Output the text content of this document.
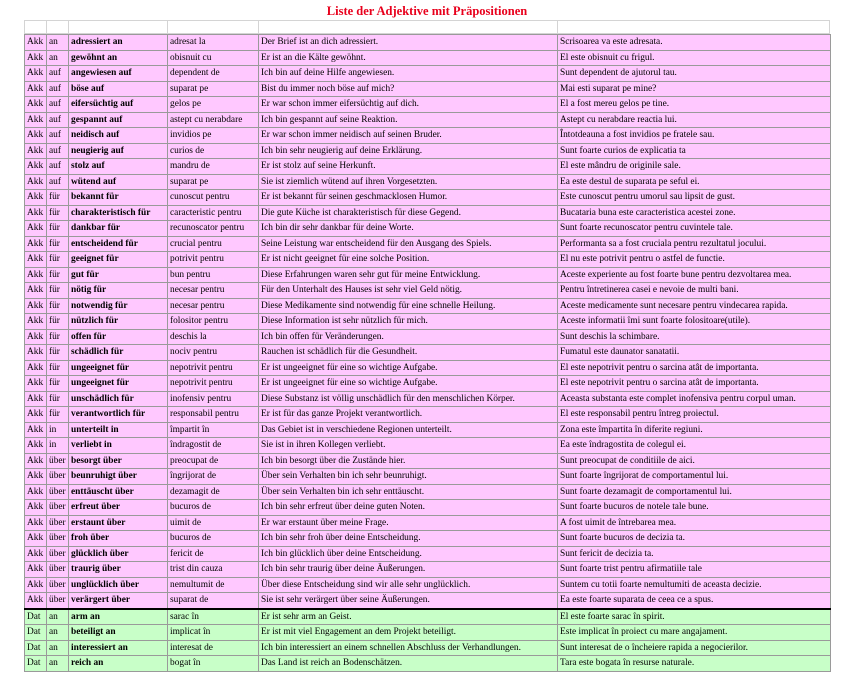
Liste der Adjektive mit Präpositionen
Akk	an	adressiert an	adresat la	Der Brief ist an dich adressiert.	Scrisoarea va este adresata.
Akk	an	gewöhnt an	obisnuit cu	Er ist an die Kälte gewöhnt.	El este obisnuit cu frigul.
Akk	auf	angewiesen auf	dependent de	Ich bin auf deine Hilfe angewiesen.	Sunt dependent de ajutorul tau.
Akk	auf	böse auf	suparat pe	Bist du immer noch böse auf mich?	Mai esti suparat pe mine?
Akk	auf	eifersüchtig auf	gelos pe	Er war schon immer eifersüchtig auf dich.	El a fost mereu gelos pe tine.
Akk	auf	gespannt auf	astept cu nerabdare	Ich bin gespannt auf seine Reaktion.	Astept cu nerabdare reactia lui.
Akk	auf	neidisch auf	invidios pe	Er war schon immer neidisch auf seinen Bruder.	Întotdeauna a fost invidios pe fratele sau.
Akk	auf	neugierig auf	curios de	Ich bin sehr neugierig auf deine Erklärung.	Sunt foarte curios de explicatia ta
Akk	auf	stolz auf	mandru de	Er ist stolz auf seine Herkunft.	El este mândru de originile sale.
Akk	auf	wütend auf	suparat pe	Sie ist ziemlich wütend auf ihren Vorgesetzten.	Ea este destul de suparata pe seful ei.
Akk	für	bekannt für	cunoscut pentru	Er ist bekannt für seinen geschmacklosen Humor.	Este cunoscut pentru umorul sau lipsit de gust.
Akk	für	charakteristisch für	caracteristic pentru	Die gute Küche ist charakteristisch für diese Gegend.	Bucataria buna este caracteristica acestei zone.
Akk	für	dankbar für	recunoscator pentru	Ich bin dir sehr dankbar für deine Worte.	Sunt foarte recunoscator pentru cuvintele tale.
Akk	für	entscheidend für	crucial pentru	Seine Leistung war entscheidend für den Ausgang des Spiels.	Performanta sa a fost cruciala pentru rezultatul jocului.
Akk	für	geeignet für	potrivit pentru	Er ist nicht geeignet für eine solche Position.	El nu este potrivit pentru o astfel de functie.
Akk	für	gut für	bun pentru	Diese Erfahrungen waren sehr gut für meine Entwicklung.	Aceste experiente au fost foarte bune pentru dezvoltarea mea.
Akk	für	nötig für	necesar pentru	Für den Unterhalt des Hauses ist sehr viel Geld nötig.	Pentru întretinerea casei e nevoie de multi bani.
Akk	für	notwendig für	necesar pentru	Diese Medikamente sind notwendig für eine schnelle Heilung.	Aceste medicamente sunt necesare pentru vindecarea rapida.
Akk	für	nützlich für	folositor pentru	Diese Information ist sehr nützlich für mich.	Aceste informatii îmi sunt foarte folositoare(utile).
Akk	für	offen für	deschis la	Ich bin offen für Veränderungen.	Sunt deschis la schimbare.
Akk	für	schädlich für	nociv pentru	Rauchen ist schädlich für die Gesundheit.	Fumatul este daunator sanatatii.
Akk	für	ungeeignet für	nepotrivit pentru	Er ist ungeeignet für eine so wichtige Aufgabe.	El este nepotrivit pentru o sarcina atât de importanta.
Akk	für	ungeeignet für	nepotrivit pentru	Er ist ungeeignet für eine so wichtige Aufgabe.	El este nepotrivit pentru o sarcina atât de importanta.
Akk	für	unschädlich für	inofensiv pentru	Diese Substanz ist völlig unschädlich für den menschlichen Körper.	Aceasta substanta este complet inofensiva pentru corpul uman.
Akk	für	verantwortlich für	responsabil pentru	Er ist für das ganze Projekt verantwortlich.	El este responsabil pentru întreg proiectul.
Akk	in	unterteilt in	împartit în	Das Gebiet ist in verschiedene Regionen unterteilt.	Zona este împartita în diferite regiuni.
Akk	in	verliebt in	îndragostit de	Sie ist in ihren Kollegen verliebt.	Ea este îndragostita de colegul ei.
Akk	über	besorgt über	preocupat de	Ich bin besorgt über die Zustände hier.	Sunt preocupat de conditiile de aici.
Akk	über	beunruhigt über	îngrijorat de	Über sein Verhalten bin ich sehr beunruhigt.	Sunt foarte îngrijorat de comportamentul lui.
Akk	über	enttäuscht über	dezamagit de	Über sein Verhalten bin ich sehr enttäuscht.	Sunt foarte dezamagit de comportamentul lui.
Akk	über	erfreut über	bucuros de	Ich bin sehr erfreut über deine guten Noten.	Sunt foarte bucuros de notele tale bune.
Akk	über	erstaunt über	uimit de	Er war erstaunt über meine Frage.	A fost uimit de întrebarea mea.
Akk	über	froh über	bucuros de	Ich bin sehr froh über deine Entscheidung.	Sunt foarte bucuros de decizia ta.
Akk	über	glücklich über	fericit de	Ich bin glücklich über deine Entscheidung.	Sunt fericit de decizia ta.
Akk	über	traurig über	trist din cauza	Ich bin sehr traurig über deine Äußerungen.	Sunt foarte trist pentru afirmatiile tale
Akk	über	unglücklich über	nemultumit de	Über diese Entscheidung sind wir alle sehr unglücklich.	Suntem cu totii foarte nemultumiti de aceasta decizie.
Akk	über	verärgert über	suparat de	Sie ist sehr verärgert über seine Äußerungen.	Ea este foarte suparata de ceea ce a spus.
Dat	an	arm an	sarac în	Er ist sehr arm an Geist.	El este foarte sarac în spirit.
Dat	an	beteiligt an	implicat în	Er ist mit viel Engagement an dem Projekt beteiligt.	Este implicat în proiect cu mare angajament.
Dat	an	interessiert an	interesat de	Ich bin interessiert an einem schnellen Abschluss der Verhandlungen.	Sunt interesat de o încheiere rapida a negocierilor.
Dat	an	reich an	bogat în	Das Land ist reich an Bodenschätzen.	Tara este bogata în resurse naturale.
